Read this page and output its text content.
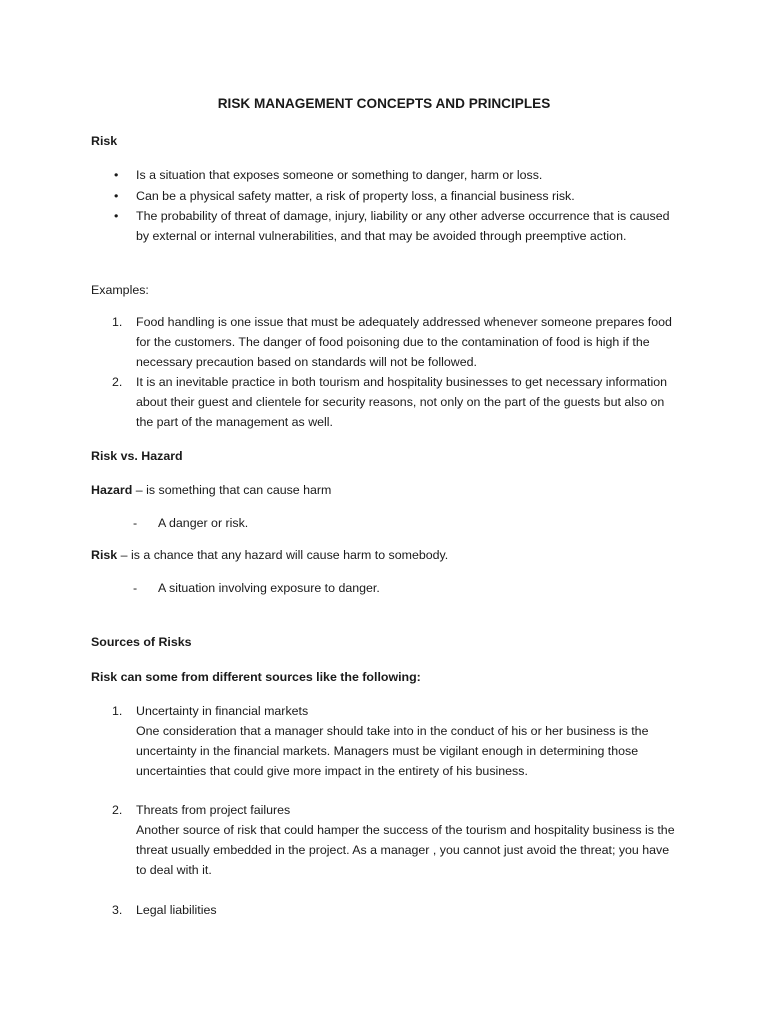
RISK MANAGEMENT CONCEPTS AND PRINCIPLES
Risk
•	Is a situation that exposes someone or something to danger, harm or loss.
•	Can be a physical safety matter, a risk of property loss, a financial business risk.
•	The probability of threat of damage, injury, liability or any other adverse occurrence that is caused by external or internal vulnerabilities, and that may be avoided through preemptive action.
Examples:
1.	Food handling is one issue that must be adequately addressed whenever someone prepares food for the customers. The danger of food poisoning due to the contamination of food is high if the necessary precaution based on standards will not be followed.
2.	It is an inevitable practice in both tourism and hospitality businesses to get necessary information about their guest and clientele for security reasons, not only on the part of the guests but also on the part of the management as well.
Risk vs. Hazard
Hazard – is something that can cause harm
- A danger or risk.
Risk – is a chance that any hazard will cause harm to somebody.
- A situation involving exposure to danger.
Sources of Risks
Risk can some from different sources like the following:
1.	Uncertainty in financial markets
One consideration that a manager should take into in the conduct of his or her business is the uncertainty in the financial markets. Managers must be vigilant enough in determining those uncertainties that could give more impact in the entirety of his business.
2.	Threats from project failures
Another source of risk that could hamper the success of the tourism and hospitality business is the threat usually embedded in the project. As a manager , you cannot just avoid the threat; you have to deal with it.
3.	Legal liabilities
